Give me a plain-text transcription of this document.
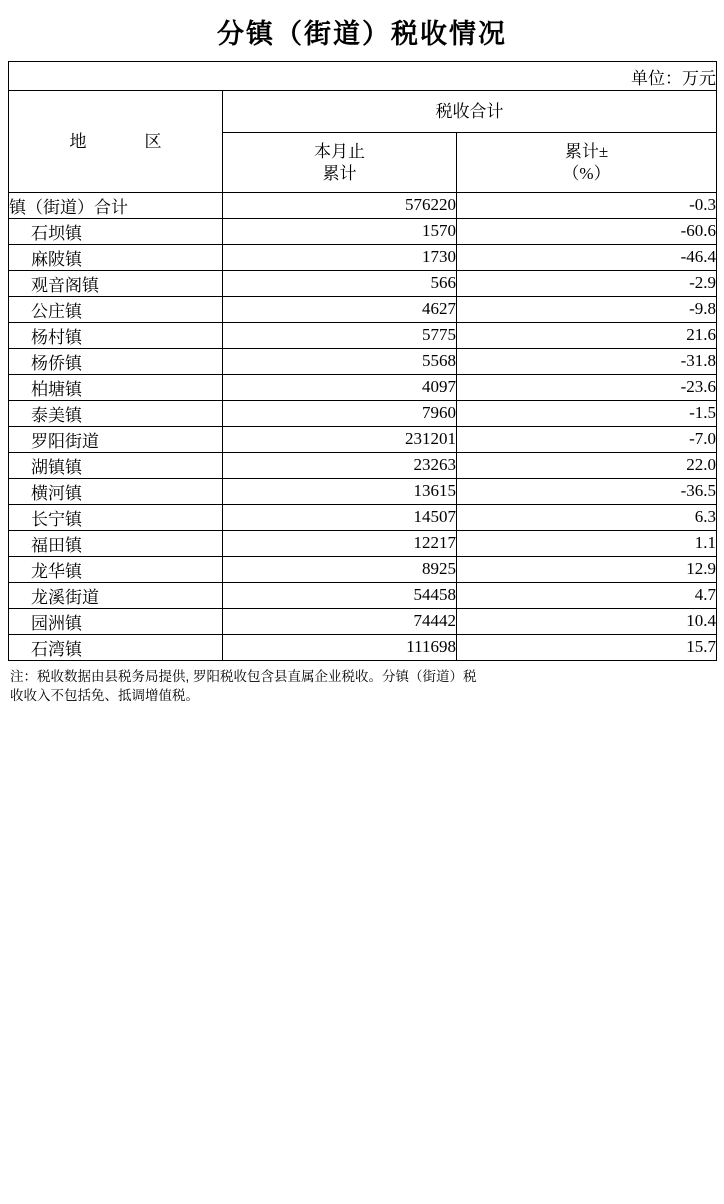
分镇（街道）税收情况
单位：万元		
地　　区	税收合计	

本月止
累计

累计±
（%）

镇（街道）合计	576220	-0.3
石坝镇	1570	-60.6
麻陂镇	1730	-46.4
观音阁镇	566	-2.9
公庄镇	4627	-9.8
杨村镇	5775	21.6
杨侨镇	5568	-31.8
柏塘镇	4097	-23.6
泰美镇	7960	-1.5
罗阳街道	231201	-7.0
湖镇镇	23263	22.0
横河镇	13615	-36.5
长宁镇	14507	6.3
福田镇	12217	1.1
龙华镇	8925	12.9
龙溪街道	54458	4.7
园洲镇	74442	10.4
石湾镇	111698	15.7
注：税收数据由县税务局提供, 罗阳税收包含县直属企业税收。分镇（街道）税
收收入不包括免、抵调增值税。
